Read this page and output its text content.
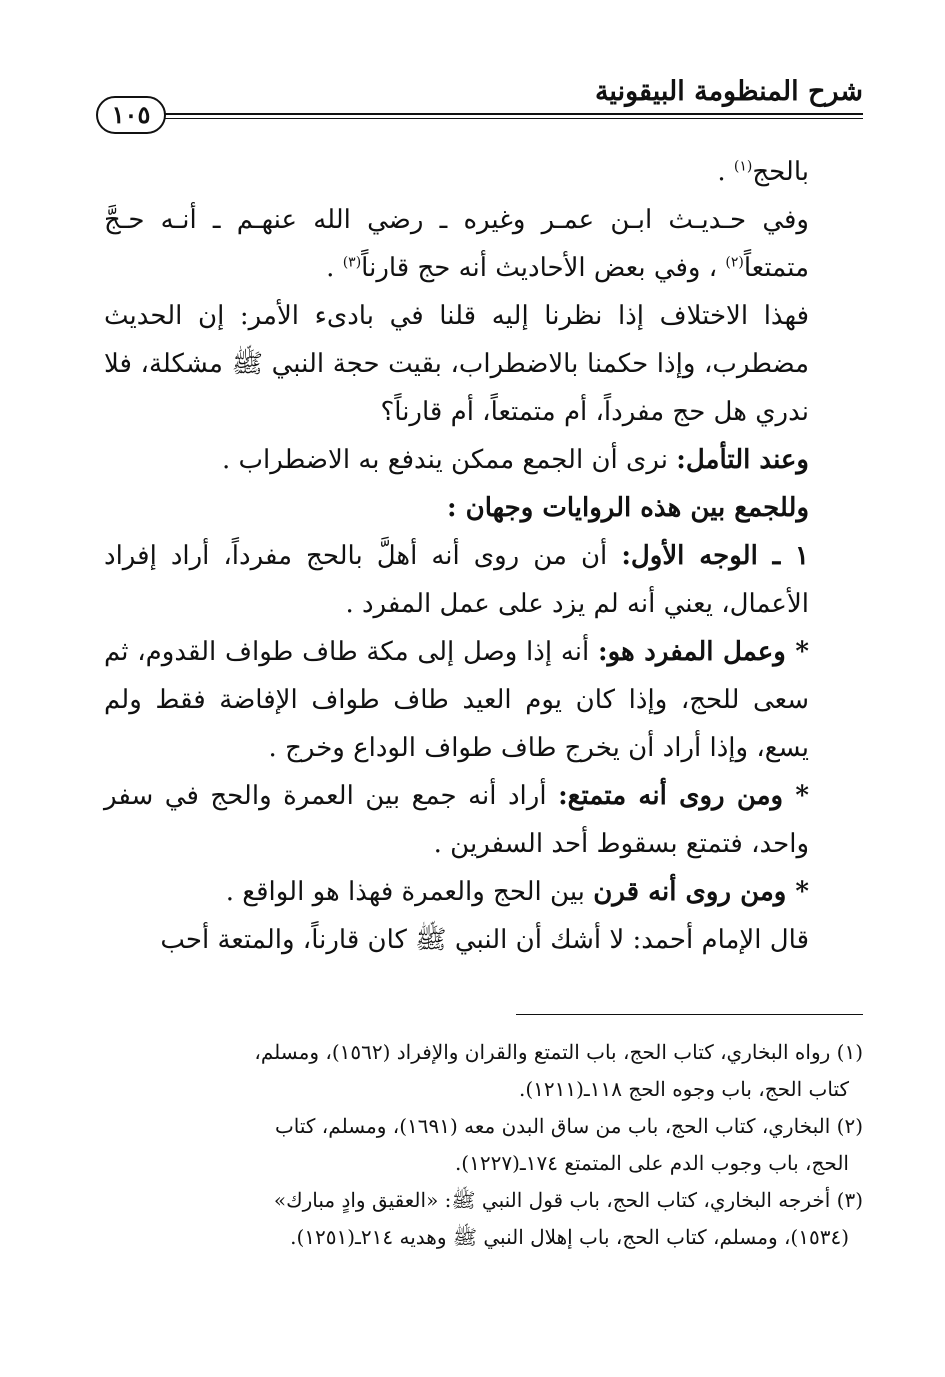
شرح المنظومة البيقونية
١٠٥

بالحج$^{(١)}$ .

وفي حـديـث ابـن عمـر وغيره ـ رضي الله عنهـم ـ أنـه حـجَّ متمتعاً$^{(٢)}$ ، وفي بعض الأحاديث أنه حج قارناً$^{(٣)}$ .

فهذا الاختلاف إذا نظرنا إليه قلنا في بادىء الأمر: إن الحديث مضطرب، وإذا حكمنا بالاضطراب، بقيت حجة النبي ﷺ مشكلة، فلا ندري هل حج مفرداً، أم متمتعاً، أم قارناً؟

وعند التأمل: نرى أن الجمع ممكن يندفع به الاضطراب .

وللجمع بين هذه الروايات وجهان :

١ ـ الوجه الأول: أن من روى أنه أهلَّ بالحج مفرداً، أراد إفراد الأعمال، يعني أنه لم يزد على عمل المفرد .

* وعمل المفرد هو: أنه إذا وصل إلى مكة طاف طواف القدوم، ثم سعى للحج، وإذا كان يوم العيد طاف طواف الإفاضة فقط ولم يسع، وإذا أراد أن يخرج طاف طواف الوداع وخرج .

* ومن روى أنه متمتع: أراد أنه جمع بين العمرة والحج في سفر واحد، فتمتع بسقوط أحد السفرين .

* ومن روى أنه قرن بين الحج والعمرة فهذا هو الواقع .

قال الإمام أحمد: لا أشك أن النبي ﷺ كان قارناً، والمتعة أحب

(١) رواه البخاري، كتاب الحج، باب التمتع والقران والإفراد (١٥٦٢)، ومسلم،

كتاب الحج، باب وجوه الحج ١١٨ـ(١٢١١).

(٢) البخاري، كتاب الحج، باب من ساق البدن معه (١٦٩١)، ومسلم، كتاب

الحج، باب وجوب الدم على المتمتع ١٧٤ـ(١٢٢٧).

(٣) أخرجه البخاري، كتاب الحج، باب قول النبي ﷺ: «العقيق وادٍ مبارك»

(١٥٣٤)، ومسلم، كتاب الحج، باب إهلال النبي ﷺ وهديه ٢١٤ـ(١٢٥١).
